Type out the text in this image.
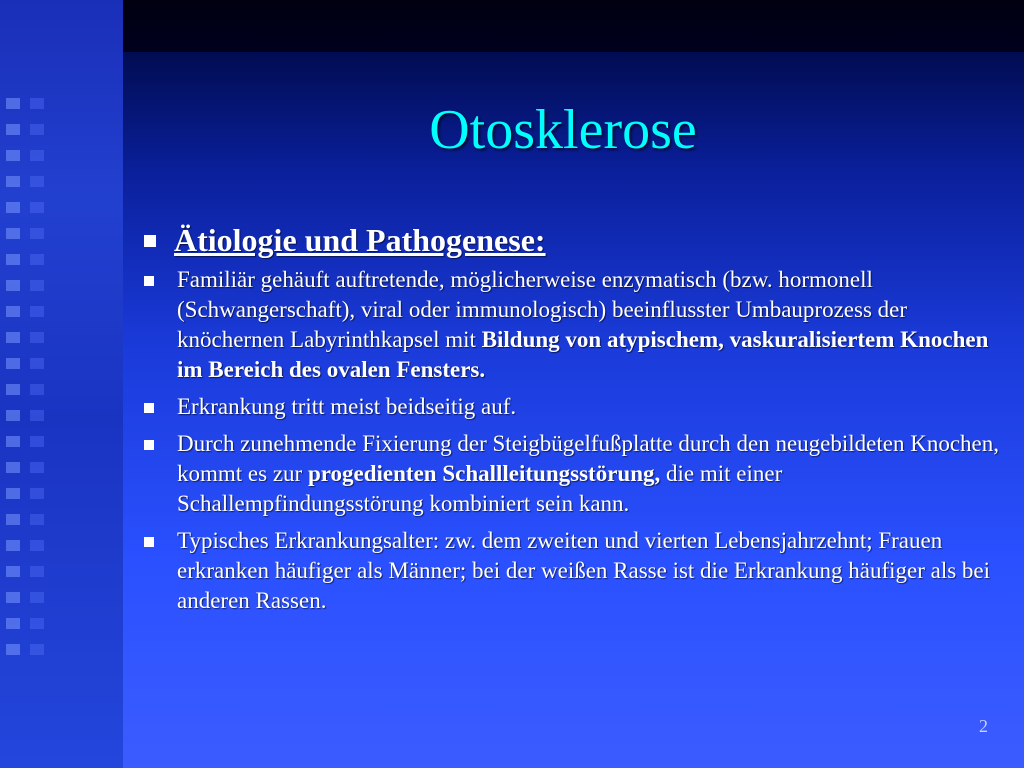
Otosklerose
Ätiologie und Pathogenese:
Familiär gehäuft auftretende, möglicherweise enzymatisch (bzw. hormonell (Schwangerschaft), viral oder immunologisch) beeinflusster Umbauprozess der knöchernen Labyrinthkapsel mit Bildung von atypischem, vaskuralisiertem Knochen im Bereich des ovalen Fensters.
Erkrankung tritt meist beidseitig auf.
Durch zunehmende Fixierung der Steigbügelfußplatte durch den neugebildeten Knochen, kommt es zur progedienten Schallleitungsstörung, die mit einer Schallempfindungsstörung kombiniert sein kann.
Typisches Erkrankungsalter: zw. dem zweiten und vierten Lebensjahrzehnt; Frauen erkranken häufiger als Männer; bei der weißen Rasse ist die Erkrankung häufiger als bei anderen Rassen.
2
